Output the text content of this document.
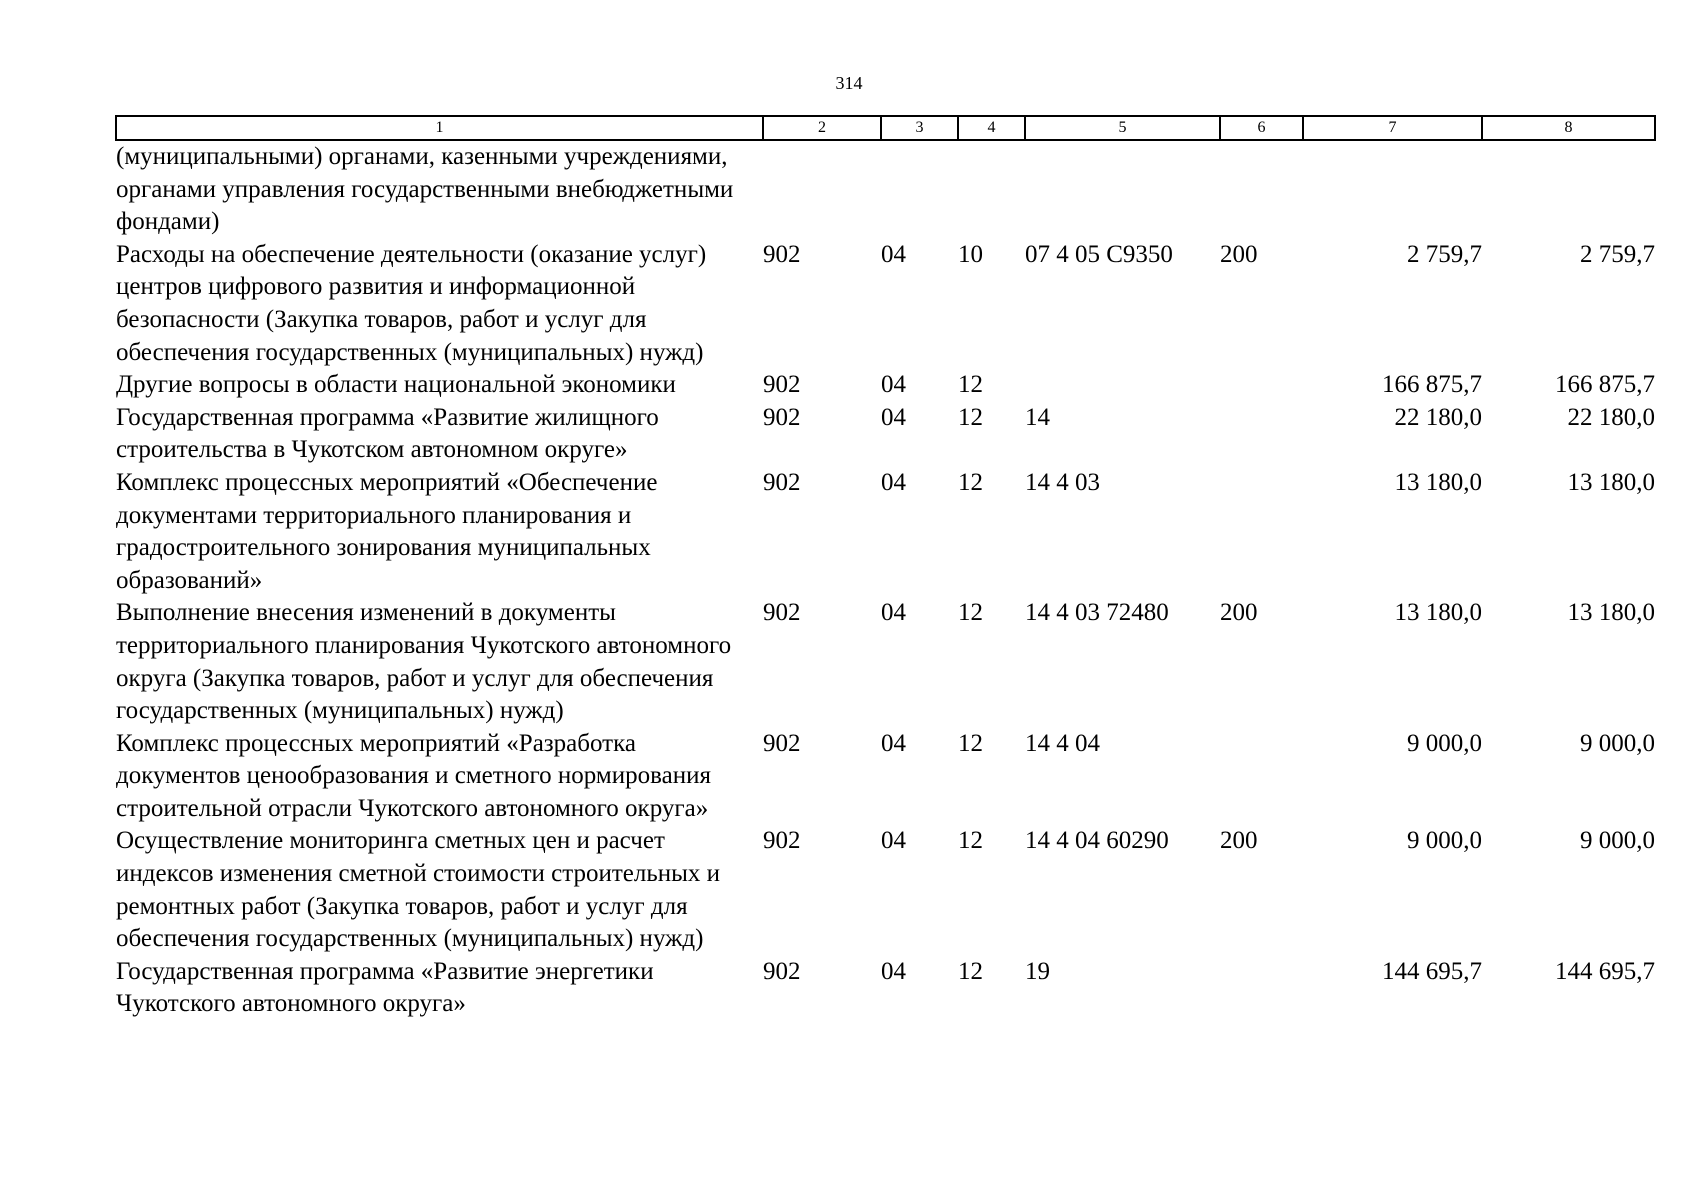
314
1	2	3	4	5	6	7	8
(муниципальными) органами, казенными учреждениями, органами управления государственными внебюджетными фондами)							
Расходы на обеспечение деятельности (оказание услуг) центров цифрового развития и информационной безопасности (Закупка товаров, работ и услуг для обеспечения государственных (муниципальных) нужд)	902	04	10	07 4 05 С9350	200	2 759,7	2 759,7
Другие вопросы в области национальной экономики	902	04	12			166 875,7	166 875,7
Государственная программа «Развитие жилищного строительства в Чукотском автономном округе»	902	04	12	14		22 180,0	22 180,0
Комплекс процессных мероприятий «Обеспечение документами территориального планирования и градостроительного зонирования муниципальных образований»	902	04	12	14 4 03		13 180,0	13 180,0
Выполнение внесения изменений в документы территориального планирования Чукотского автономного округа (Закупка товаров, работ и услуг для обеспечения государственных (муниципальных) нужд)	902	04	12	14 4 03 72480	200	13 180,0	13 180,0
Комплекс процессных мероприятий «Разработка документов ценообразования и сметного нормирования строительной отрасли Чукотского автономного округа»	902	04	12	14 4 04		9 000,0	9 000,0
Осуществление мониторинга сметных цен и расчет индексов изменения сметной стоимости строительных и ремонтных работ (Закупка товаров, работ и услуг для обеспечения государственных (муниципальных) нужд)	902	04	12	14 4 04 60290	200	9 000,0	9 000,0
Государственная программа «Развитие энергетики Чукотского автономного округа»	902	04	12	19		144 695,7	144 695,7
